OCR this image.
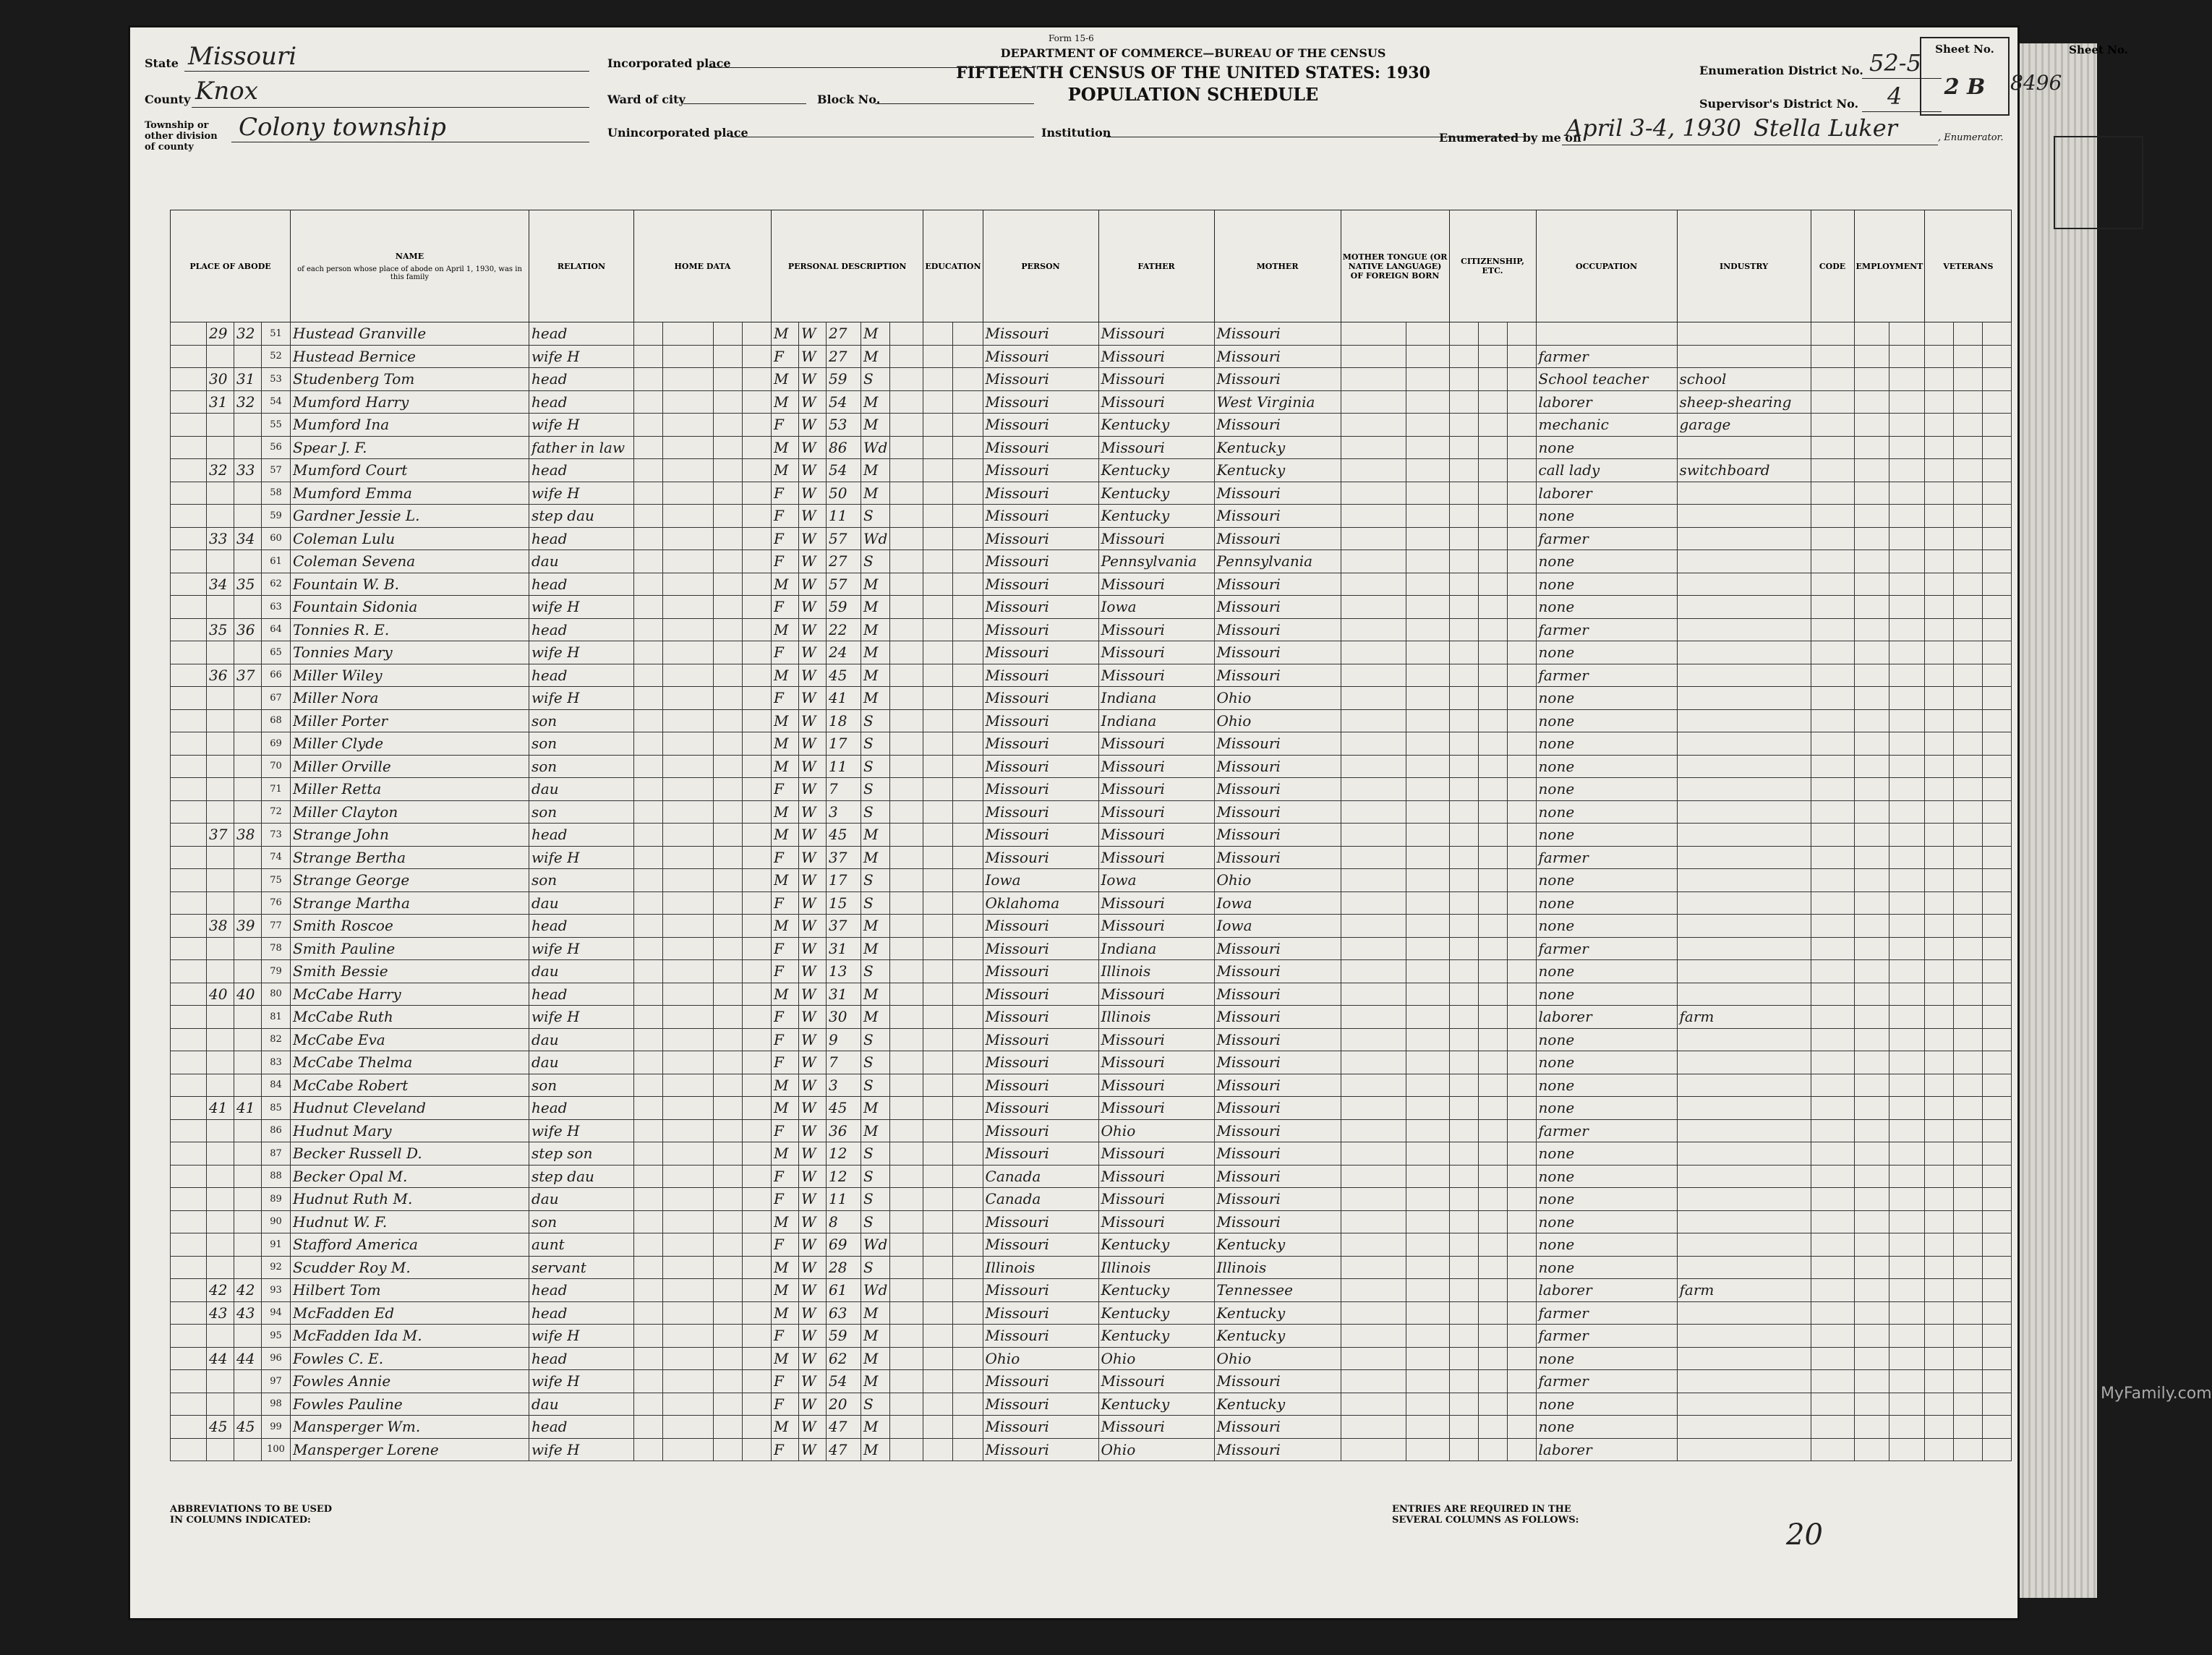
Form 15-6
DEPARTMENT OF COMMERCE—BUREAU OF THE CENSUS
FIFTEENTH CENSUS OF THE UNITED STATES: 1930
POPULATION SCHEDULE
State Missouri
County Knox
Township or other division of county
Colony township
Incorporated place
Ward of city	Block No.
Unincorporated place	Institution
Enumeration District No. 52-5
Supervisor's District No. 4
Enumerated by me on
April 3-4, 1930 Stella Luker	, Enumerator.
Sheet No.
Sheet No.
2 B	8496
PLACE OF ABODE				NAME
of each person whose place of abode on April 1, 1930, was in this family	RELATION	HOME DATA				PERSONAL DESCRIPTION					EDUCATION		PERSON	FATHER	MOTHER	MOTHER TONGUE (OR NATIVE LANGUAGE) OF FOREIGN BORN		CITIZENSHIP, ETC.			OCCUPATION	INDUSTRY	CODE	EMPLOYMENT		VETERANS		
	29	32	51	Hustead Granville	head					M	W	27	M				Missouri	Missouri	Missouri													
			52	Hustead Bernice	wife H					F	W	27	M				Missouri	Missouri	Missouri						farmer							
	30	31	53	Studenberg Tom	head					M	W	59	S				Missouri	Missouri	Missouri						School teacher	school						
	31	32	54	Mumford Harry	head					M	W	54	M				Missouri	Missouri	West Virginia						laborer	sheep-shearing						
			55	Mumford Ina	wife H					F	W	53	M				Missouri	Kentucky	Missouri						mechanic	garage						
			56	Spear J. F.	father in law					M	W	86	Wd				Missouri	Missouri	Kentucky						none							
	32	33	57	Mumford Court	head					M	W	54	M				Missouri	Kentucky	Kentucky						call lady	switchboard						
			58	Mumford Emma	wife H					F	W	50	M				Missouri	Kentucky	Missouri						laborer							
			59	Gardner Jessie L.	step dau					F	W	11	S				Missouri	Kentucky	Missouri						none							
	33	34	60	Coleman Lulu	head					F	W	57	Wd				Missouri	Missouri	Missouri						farmer							
			61	Coleman Sevena	dau					F	W	27	S				Missouri	Pennsylvania	Pennsylvania						none							
	34	35	62	Fountain W. B.	head					M	W	57	M				Missouri	Missouri	Missouri						none							
			63	Fountain Sidonia	wife H					F	W	59	M				Missouri	Iowa	Missouri						none							
	35	36	64	Tonnies R. E.	head					M	W	22	M				Missouri	Missouri	Missouri						farmer							
			65	Tonnies Mary	wife H					F	W	24	M				Missouri	Missouri	Missouri						none							
	36	37	66	Miller Wiley	head					M	W	45	M				Missouri	Missouri	Missouri						farmer							
			67	Miller Nora	wife H					F	W	41	M				Missouri	Indiana	Ohio						none							
			68	Miller Porter	son					M	W	18	S				Missouri	Indiana	Ohio						none							
			69	Miller Clyde	son					M	W	17	S				Missouri	Missouri	Missouri						none							
			70	Miller Orville	son					M	W	11	S				Missouri	Missouri	Missouri						none							
			71	Miller Retta	dau					F	W	7	S				Missouri	Missouri	Missouri						none							
			72	Miller Clayton	son					M	W	3	S				Missouri	Missouri	Missouri						none							
	37	38	73	Strange John	head					M	W	45	M				Missouri	Missouri	Missouri						none							
			74	Strange Bertha	wife H					F	W	37	M				Missouri	Missouri	Missouri						farmer							
			75	Strange George	son					M	W	17	S				Iowa	Iowa	Ohio						none							
			76	Strange Martha	dau					F	W	15	S				Oklahoma	Missouri	Iowa						none							
	38	39	77	Smith Roscoe	head					M	W	37	M				Missouri	Missouri	Iowa						none							
			78	Smith Pauline	wife H					F	W	31	M				Missouri	Indiana	Missouri						farmer							
			79	Smith Bessie	dau					F	W	13	S				Missouri	Illinois	Missouri						none							
	40	40	80	McCabe Harry	head					M	W	31	M				Missouri	Missouri	Missouri						none							
			81	McCabe Ruth	wife H					F	W	30	M				Missouri	Illinois	Missouri						laborer	farm						
			82	McCabe Eva	dau					F	W	9	S				Missouri	Missouri	Missouri						none							
			83	McCabe Thelma	dau					F	W	7	S				Missouri	Missouri	Missouri						none							
			84	McCabe Robert	son					M	W	3	S				Missouri	Missouri	Missouri						none							
	41	41	85	Hudnut Cleveland	head					M	W	45	M				Missouri	Missouri	Missouri						none							
			86	Hudnut Mary	wife H					F	W	36	M				Missouri	Ohio	Missouri						farmer							
			87	Becker Russell D.	step son					M	W	12	S				Missouri	Missouri	Missouri						none							
			88	Becker Opal M.	step dau					F	W	12	S				Canada	Missouri	Missouri						none							
			89	Hudnut Ruth M.	dau					F	W	11	S				Canada	Missouri	Missouri						none							
			90	Hudnut W. F.	son					M	W	8	S				Missouri	Missouri	Missouri						none							
			91	Stafford America	aunt					F	W	69	Wd				Missouri	Kentucky	Kentucky						none							
			92	Scudder Roy M.	servant					M	W	28	S				Illinois	Illinois	Illinois						none							
	42	42	93	Hilbert Tom	head					M	W	61	Wd				Missouri	Kentucky	Tennessee						laborer	farm						
	43	43	94	McFadden Ed	head					M	W	63	M				Missouri	Kentucky	Kentucky						farmer							
			95	McFadden Ida M.	wife H					F	W	59	M				Missouri	Kentucky	Kentucky						farmer							
	44	44	96	Fowles C. E.	head					M	W	62	M				Ohio	Ohio	Ohio						none							
			97	Fowles Annie	wife H					F	W	54	M				Missouri	Missouri	Missouri						farmer							
			98	Fowles Pauline	dau					F	W	20	S				Missouri	Kentucky	Kentucky						none							
	45	45	99	Mansperger Wm.	head					M	W	47	M				Missouri	Missouri	Missouri						none							
			100	Mansperger Lorene	wife H					F	W	47	M				Missouri	Ohio	Missouri						laborer							
ABBREVIATIONS TO BE USED IN COLUMNS INDICATED:
ENTRIES ARE REQUIRED IN THE SEVERAL COLUMNS AS FOLLOWS:	20
MyFamily.com
